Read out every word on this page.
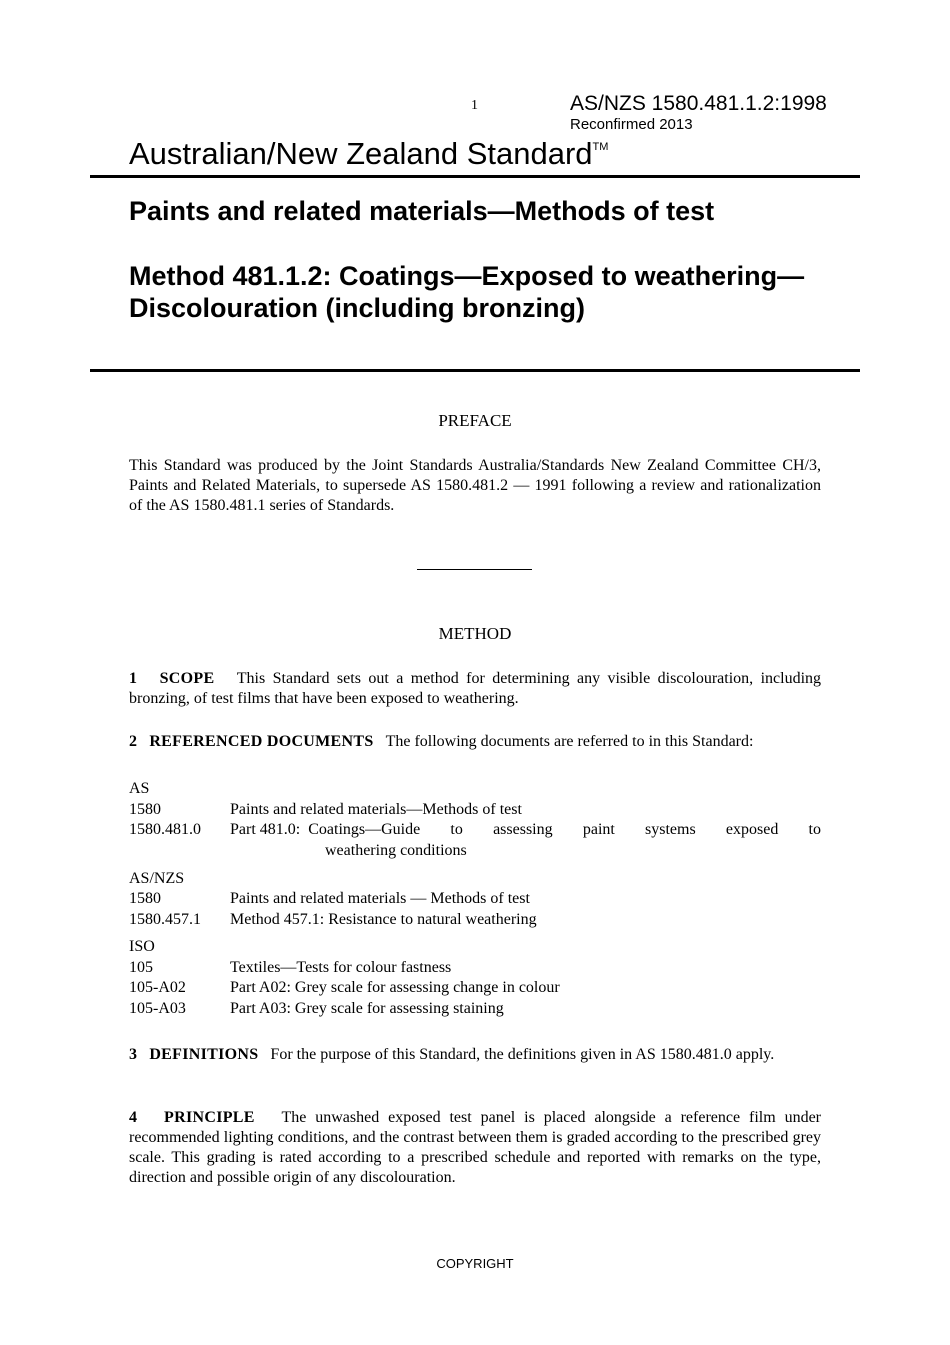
1	AS/NZS 1580.481.1.2:1998
Reconfirmed 2013
Australian/New Zealand Standard™
Paints and related materials—Methods of test
Method 481.1.2: Coatings—Exposed to weathering—Discolouration (including bronzing)
PREFACE
This Standard was produced by the Joint Standards Australia/Standards New Zealand Committee CH/3, Paints and Related Materials, to supersede AS 1580.481.2 — 1991 following a review and rationalization of the AS 1580.481.1 series of Standards.
METHOD
1 SCOPE This Standard sets out a method for determining any visible discolouration, including bronzing, of test films that have been exposed to weathering.
2 REFERENCED DOCUMENTS The following documents are referred to in this Standard:
AS
1580	Paints and related materials—Methods of test
1580.481.0	Part 481.0:
Coatings—Guide to assessing paint systems exposed to
weathering conditions
AS/NZS
1580	Paints and related materials — Methods of test
1580.457.1	Method 457.1: Resistance to natural weathering
ISO
105	Textiles—Tests for colour fastness
105-A02	Part A02: Grey scale for assessing change in colour
105-A03	Part A03: Grey scale for assessing staining
3 DEFINITIONS For the purpose of this Standard, the definitions given in AS 1580.481.0 apply.
4 PRINCIPLE The unwashed exposed test panel is placed alongside a reference film under recommended lighting conditions, and the contrast between them is graded according to the prescribed grey scale. This grading is rated according to a prescribed schedule and reported with remarks on the type, direction and possible origin of any discolouration.
COPYRIGHT
